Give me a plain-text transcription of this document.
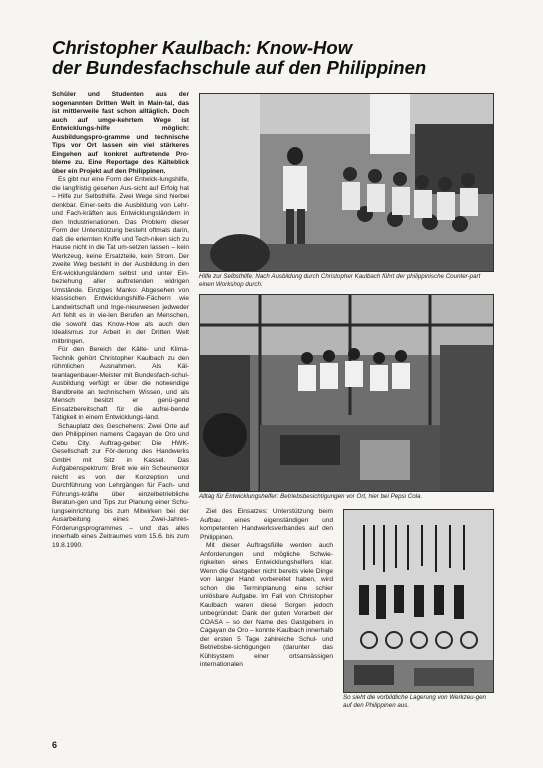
Christopher Kaulbach: Know-How
der Bundesfachschule auf den Philippinen

Schüler und Studenten aus der sogenannten Dritten Welt in Main-tal, das ist mittlerweile fast schon alltäglich. Doch auch auf umge-kehrtem Wege ist Entwicklungs-hilfe möglich: Ausbildungspro-gramme und technische Tips vor Ort lassen ein viel stärkeres Eingehen auf konkret auftretende Pro-bleme zu. Eine Reportage des Kälteblick über ein Projekt auf den Philippinen.

Es gibt nur eine Form der Entwick-lungshilfe, die langfristig gesehen Aus-sicht auf Erfolg hat – Hilfe zur Selbsthilfe. Zwei Wege sind hierbei denkbar. Einer-seits die Ausbildung von Lehr- und Fach-kräften aus Entwicklungsländern in den Industrienationen. Das Problem dieser Form der Unterstützung besteht oftmals darin, daß die erlernten Kniffe und Tech-niken sich zu Hause nicht in die Tat um-setzen lassen – kein Werkzeug, keine Ersatzteile, kein Strom. Der zweite Weg besteht in der Ausbildung in den Ent-wicklungsländern selbst und unter Ein-beziehung aller auftretenden widrigen Umstände. Einziges Manko: Abgesehen von klassischen Entwicklungshilfe-Fächern wie Landwirtschaft und Inge-nieurwesen jedweder Art fehlt es in vie-len Berufen an Menschen, die sowohl das Know-How als auch den Idealismus zur Arbeit in der Dritten Welt mitbringen.

Für den Bereich der Kälte- und Klima-Technik gehört Christopher Kaulbach zu den rühmlichen Ausnahmen. Als Käl-teanlagenbauer-Meister mit Bundesfach-schul-Ausbildung verfügt er über die notwendige Bandbreite an technischem Wissen, und als Mensch besitzt er genü-gend Einsatzbereitschaft für die aufrei-bende Tätigkeit in einem Entwicklungs-land.

Schauplatz des Geschehens: Zwei Orte auf den Philippinen namens Cagayan de Oro und Cebu City. Auftrag-geber: Die HWK-Gesellschaft zur För-derung des Handwerks GmbH mit Sitz in Kassel. Das Aufgabenspektrum: Breit wie ein Scheunentor reicht es von der Konzeption und Durchführung von Lehrgängen für Fach- und Führungs-kräfte über einzelbetriebliche Beratun-gen und Tips zur Planung einer Schu-lungseinrichtung bis zum Mitwirken bei der Ausarbeitung eines Zwei-Jahres-Förderungsprogrammes – und das alles innerhalb eines Zeitraumes vom 15.6. bis zum 19.8.1990.

Hilfe zur Selbsthilfe: Nach Ausbildung durch Christopher Kaulbach führt der philippinische Counter-part einen Workshop durch.
Alltag für Entwicklungshelfer: Betriebsbesichtigungen vor Ort, hier bei Pepsi Cola.

Ziel des Einsatzes: Unterstützung beim Aufbau eines eigenständigen und kompetenten Handwerksverbandes auf den Philippinen.

Mit dieser Auftragsfülle werden auch Anforderungen und mögliche Schwie-rigkeiten eines Entwicklungshelfers klar. Wenn die Gastgeber nicht bereits viele Dinge von langer Hand vorbereitet haben, wird schon die Terminplanung eine schier unlösbare Aufgabe. Im Fall von Christopher Kaulbach waren diese Sorgen jedoch unbegründet: Dank der guten Vorarbeit der COASA – so der Name des Gastgebers in Cagayan de Oro – konnte Kaulbach innerhalb der ersten 5 Tage zahlreiche Schul- und Betriebsbe-sichtigungen (darunter das Kühlsystem einer ortsansässigen internationalen

So sieht die vorbildliche Lagerung von Werkzeu-gen auf den Philippinen aus.
6
